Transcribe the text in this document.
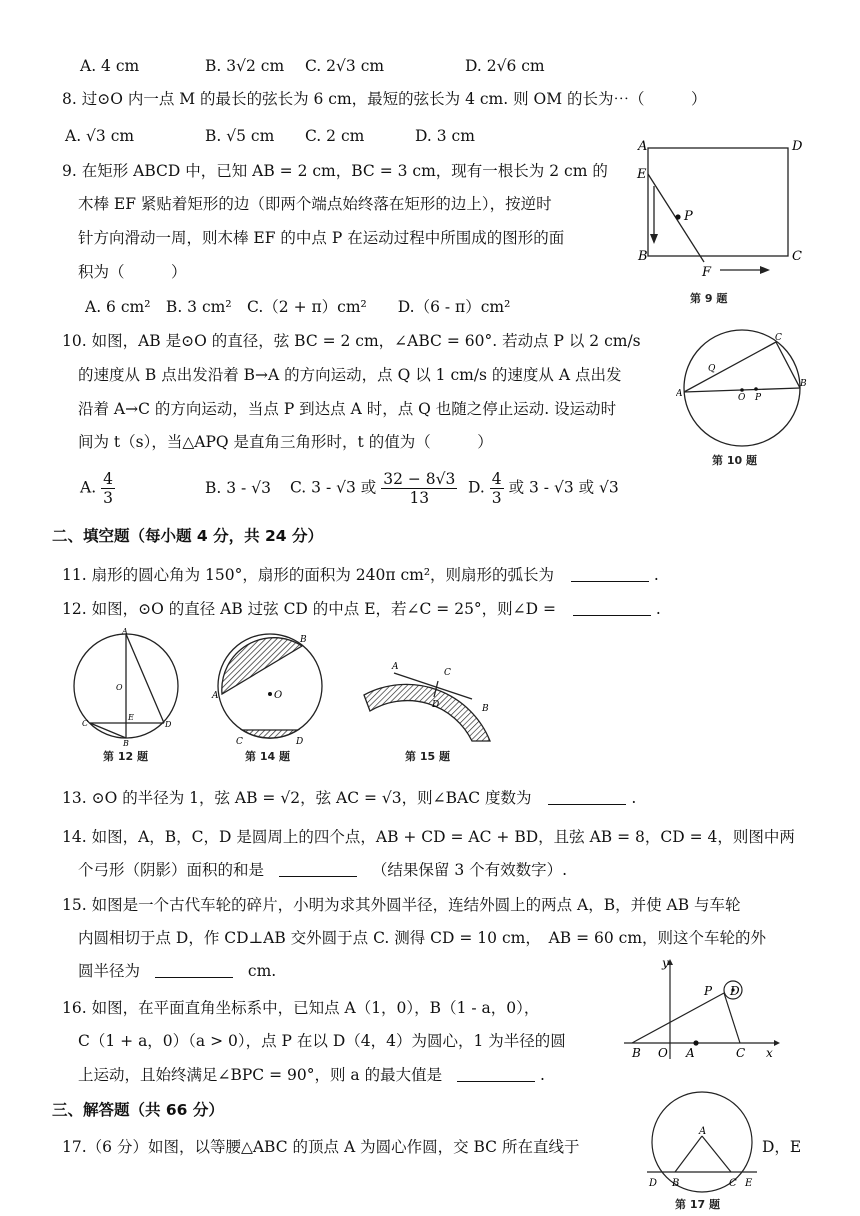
A. 4 cm	B. 3√2 cm C. 2√3 cm	D. 2√6 cm
8. 过⊙O 内一点 M 的最长的弦长为 6 cm，最短的弦长为 4 cm. 则 OM 的长为⋯（　　　）
A. √3 cm	B. √5 cm C. 2 cm	D. 3 cm
9. 在矩形 ABCD 中，已知 AB = 2 cm，BC = 3 cm，现有一根长为 2 cm 的
木棒 EF 紧贴着矩形的边（即两个端点始终落在矩形的边上），按逆时
针方向滑动一周，则木棒 EF 的中点 P 在运动过程中所围成的图形的面
积为（　　　）
A. 6 cm²　B. 3 cm²　C.（2 + π）cm²　　D.（6 - π）cm²
A	D
E
P
B	C
F
第 9 题
10. 如图，AB 是⊙O 的直径，弦 BC = 2 cm，∠ABC = 60°. 若动点 P 以 2 cm/s
的速度从 B 点出发沿着 B→A 的方向运动，点 Q 以 1 cm/s 的速度从 A 点出发
沿着 A→C 的方向运动，当点 P 到达点 A 时，点 Q 也随之停止运动. 设运动时
间为 t（s），当△APQ 是直角三角形时，t 的值为（　　　）
A. $\frac{4}{3}$	B. 3 - √3 C. 3 - √3 或 $\frac{32 - 8√3}{13} D$. $\frac{4}{3}$ 或 3 - √3 或 √3
A
B
C
Q
O P
第 10 题
二、填空题（每小题 4 分，共 24 分）
11. 扇形的圆心角为 150°，扇形的面积为 240π cm²，则扇形的弧长为	.
12. 如图，⊙O 的直径 AB 过弦 CD 的中点 E，若∠C = 25°，则∠D =	.
A
O
E
C	D
B
第 12 题
A
B
O
C	D
第 14 题
A
C
D	B
第 15 题
13. ⊙O 的半径为 1，弦 AB = √2，弦 AC = √3，则∠BAC 度数为	.
14. 如图，A，B，C，D 是圆周上的四个点，AB + CD = AC + BD，且弦 AB = 8，CD = 4，则图中两
个弓形（阴影）面积的和是	（结果保留 3 个有效数字）.
15. 如图是一个古代车轮的碎片，小明为求其外圆半径，连结外圆上的两点 A，B，并使 AB 与车轮
内圆相切于点 D，作 CD⊥AB 交外圆于点 C. 测得 CD = 10 cm，　AB = 60 cm，则这个车轮的外
圆半径为	cm.
16. 如图，在平面直角坐标系中，已知点 A（1，0），B（1 - a，0），
C（1 + a，0）（a > 0），点 P 在以 D（4，4）为圆心，1 为半径的圆
上运动，且始终满足∠BPC = 90°，则 a 的最大值是	.
y
x
P D
B O A	C
三、解答题（共 66 分）
17.（6 分）如图，以等腰△ABC 的顶点 A 为圆心作圆，交 BC 所在直线于	D，E
A
D B	C E
第 17 题
